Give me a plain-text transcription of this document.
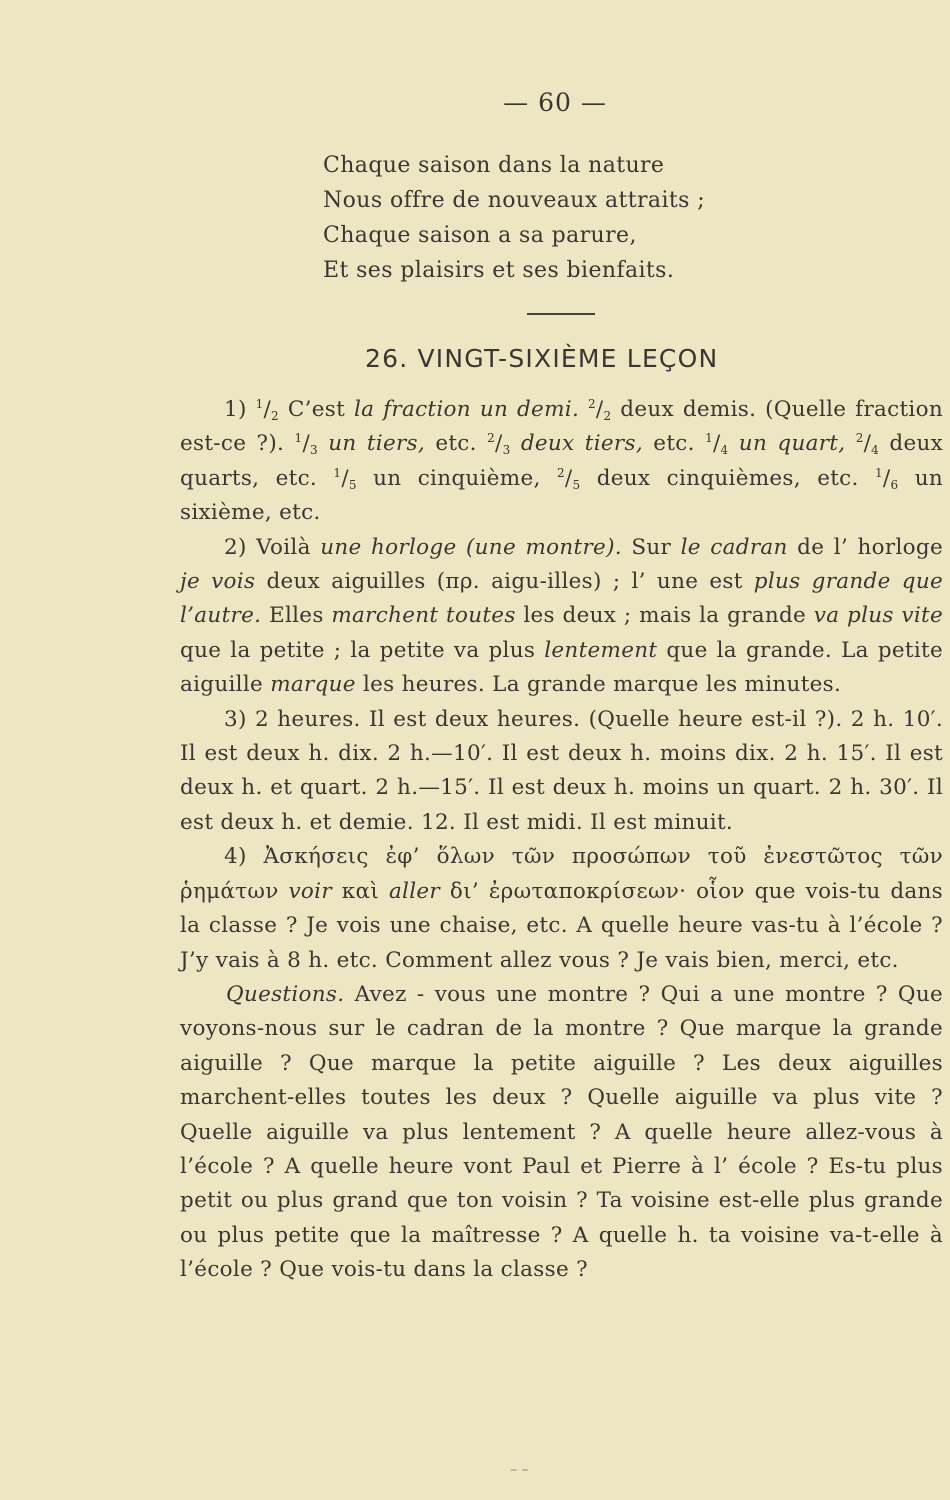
— 60 —
Chaque saison dans la nature
Nous offre de nouveaux attraits ;
Chaque saison a sa parure,
Et ses plaisirs et ses bienfaits.
26. VINGT-SIXIÈME LEÇON

1) $^1/_2$ C’est la fraction un demi. $^2/_2$ deux demis. (Quelle fraction est-ce ?). $^1/_3$ un tiers, etc. $^2/_3$ deux tiers, etc. $^1/_4$ un quart, $^2/_4$ deux quarts, etc. $^1/_5$ un cinquième, $^2/_5$ deux cinquièmes, etc. $^1/_6$ un sixième, etc.

2) Voilà une horloge (une montre). Sur le cadran de l’ horloge je vois deux aiguilles (πρ. aigu-illes) ; l’ une est plus grande que l’autre. Elles marchent toutes les deux ; mais la grande va plus vite que la petite ; la petite va plus lentement que la grande. La petite aiguille marque les heures. La grande marque les minutes.

3) 2 heures. Il est deux heures. (Quelle heure est-il ?). 2 h. 10′. Il est deux h. dix. 2 h.—10′. Il est deux h. moins dix. 2 h. 15′. Il est deux h. et quart. 2 h.—15′. Il est deux h. moins un quart. 2 h. 30′. Il est deux h. et demie. 12. Il est midi. Il est minuit.

4) Ἀσκήσεις ἐφ’ ὅλων τῶν προσώπων τοῦ ἐνεστῶτος τῶν ῥημάτων voir καὶ aller δι’ ἐρωταποκρίσεων· οἷον que vois-tu dans la classe ? Je vois une chaise, etc. A quelle heure vas-tu à l’école ? J’y vais à 8 h. etc. Comment allez vous ? Je vais bien, merci, etc.

Questions. Avez - vous une montre ? Qui a une montre ? Que voyons-nous sur le cadran de la montre ? Que marque la grande aiguille ? Que marque la petite aiguille ? Les deux aiguilles marchent-elles toutes les deux ? Quelle aiguille va plus vite ? Quelle aiguille va plus lentement ? A quelle heure allez-vous à l’école ? A quelle heure vont Paul et Pierre à l’ école ? Es-tu plus petit ou plus grand que ton voisin ? Ta voisine est-elle plus grande ou plus petite que la maîtresse ? A quelle h. ta voisine va-t-elle à l’école ? Que vois-tu dans la classe ?

– –
